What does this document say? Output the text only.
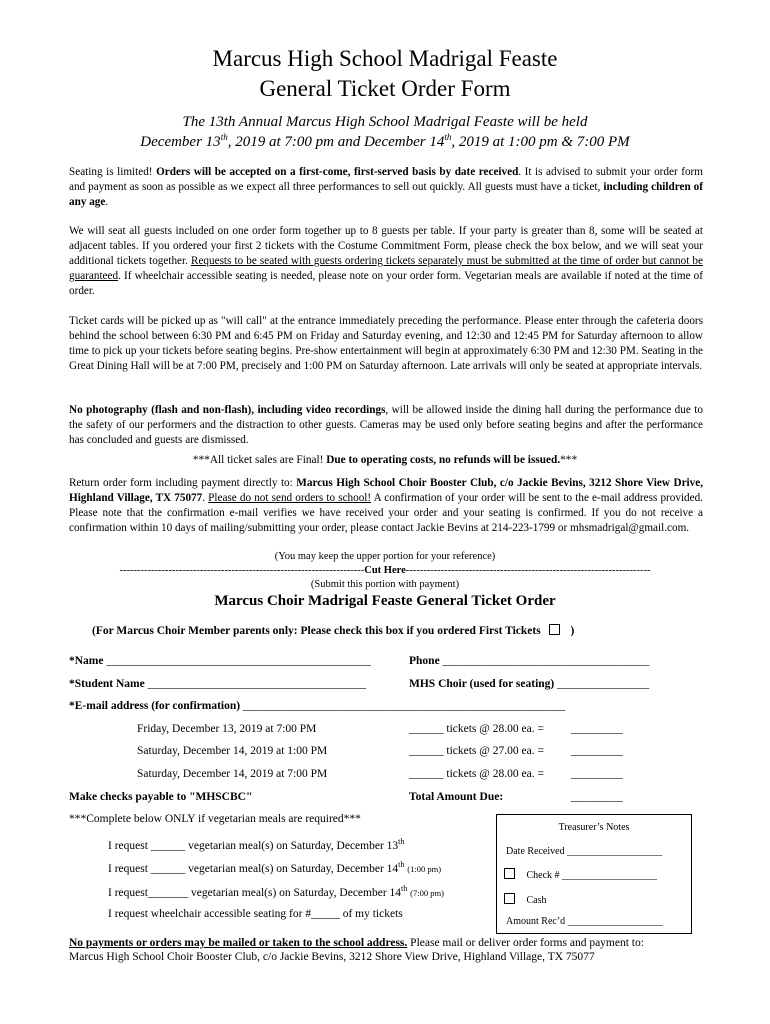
Marcus High School Madrigal Feaste
General Ticket Order Form
The 13th Annual Marcus High School Madrigal Feaste will be held
December 13th, 2019 at 7:00 pm and December 14th, 2019 at 1:00 pm & 7:00 PM
Seating is limited! Orders will be accepted on a first-come, first-served basis by date received. It is advised to submit your order form and payment as soon as possible as we expect all three performances to sell out quickly. All guests must have a ticket, including children of any age.
We will seat all guests included on one order form together up to 8 guests per table. If your party is greater than 8, some will be seated at adjacent tables. If you ordered your first 2 tickets with the Costume Commitment Form, please check the box below, and we will seat your additional tickets together. Requests to be seated with guests ordering tickets separately must be submitted at the time of order but cannot be guaranteed. If wheelchair accessible seating is needed, please note on your order form. Vegetarian meals are available if noted at the time of order.
Ticket cards will be picked up as "will call" at the entrance immediately preceding the performance. Please enter through the cafeteria doors behind the school between 6:30 PM and 6:45 PM on Friday and Saturday evening, and 12:30 and 12:45 PM for Saturday afternoon to allow time to pick up your tickets before seating begins. Pre-show entertainment will begin at approximately 6:30 PM and 12:30 PM. Seating in the Great Dining Hall will be at 7:00 PM, precisely and 1:00 PM on Saturday afternoon. Late arrivals will only be seated at appropriate intervals.
No photography (flash and non-flash), including video recordings, will be allowed inside the dining hall during the performance due to the safety of our performers and the distraction to other guests. Cameras may be used only before seating begins and after the performance has concluded and guests are dismissed.
***All ticket sales are Final! Due to operating costs, no refunds will be issued.***
Return order form including payment directly to: Marcus High School Choir Booster Club, c/o Jackie Bevins, 3212 Shore View Drive, Highland Village, TX 75077. Please do not send orders to school! A confirmation of your order will be sent to the e-mail address provided. Please note that the confirmation e-mail verifies we have received your order and your seating is confirmed. If you do not receive a confirmation within 10 days of mailing/submitting your order, please contact Jackie Bevins at 214-223-1799 or mhsmadrigal@gmail.com.
(You may keep the upper portion for your reference)
----------------------------------------------------------------------Cut Here----------------------------------------------------------------------
(Submit this portion with payment)
Marcus Choir Madrigal Feaste General Ticket Order
(For Marcus Choir Member parents only: Please check this box if you ordered First Tickets	)
*Name ______________________________________________	Phone ____________________________________
*Student Name ______________________________________	MHS Choir (used for seating) ________________
*E-mail address (for confirmation) ________________________________________________________
Friday, December 13, 2019 at 7:00 PM	______ tickets @ 28.00 ea. = _________
Saturday, December 14, 2019 at 1:00 PM	______ tickets @ 27.00 ea. = _________
Saturday, December 14, 2019 at 7:00 PM	______ tickets @ 28.00 ea. = _________
Make checks payable to "MHSCBC"	Total Amount Due:	_________
***Complete below ONLY if vegetarian meals are required***
I request ______ vegetarian meal(s) on Saturday, December 13th
I request ______ vegetarian meal(s) on Saturday, December 14th (1:00 pm)
I request_______ vegetarian meal(s) on Saturday, December 14th (7:00 pm)
I request wheelchair accessible seating for #_____ of my tickets
Treasurer’s Notes
Date Received ___________________
Check # ___________________
Cash
Amount Rec’d ___________________
No payments or orders may be mailed or taken to the school address. Please mail or deliver order forms and payment to:
Marcus High School Choir Booster Club, c/o Jackie Bevins, 3212 Shore View Drive, Highland Village, TX 75077
